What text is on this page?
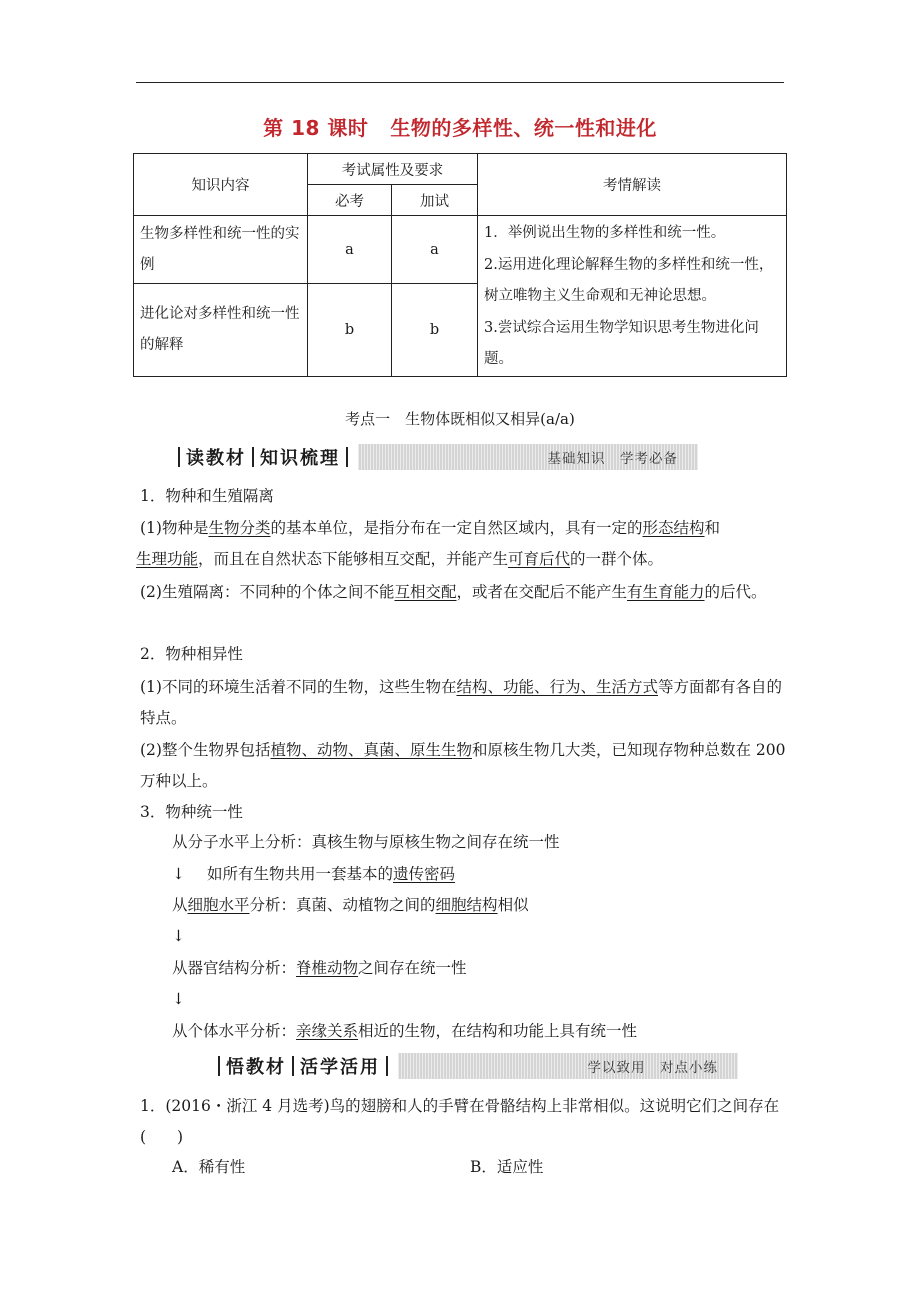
第 18 课时 生物的多样性、统一性和进化
知识内容	考试属性及要求		考情解读
	必考	加试	
生物多样性和统一性的实例	a	a	1．举例说出生物的多样性和统一性。
2.运用进化理论解释生物的多样性和统一性，树立唯物主义生命观和无神论思想。
3.尝试综合运用生物学知识思考生物进化问题。

进化论对多样性和统一性的解释	b	b	
考点一　生物体既相似又相异(a/a)
读教材 知识梳理	基础知识　学考必备
1．物种和生殖隔离
(1)物种是生物分类的基本单位，是指分布在一定自然区域内，具有一定的形态结构和
生理功能，而且在自然状态下能够相互交配，并能产生可育后代的一群个体。
(2)生殖隔离：不同种的个体之间不能互相交配，或者在交配后不能产生有生育能力的后代。
2．物种相异性
(1)不同的环境生活着不同的生物，这些生物在结构、功能、行为、生活方式等方面都有各自的特点。
(2)整个生物界包括植物、动物、真菌、原生生物和原核生物几大类，已知现存物种总数在 200 万种以上。
3．物种统一性
从分子水平上分析：真核生物与原核生物之间存在统一性
↓ 如所有生物共用一套基本的遗传密码
从细胞水平分析：真菌、动植物之间的细胞结构相似
↓
从器官结构分析：脊椎动物之间存在统一性
↓
从个体水平分析：亲缘关系相近的生物，在结构和功能上具有统一性
悟教材 活学活用	学以致用　对点小练
1．(2016・浙江 4 月选考)鸟的翅膀和人的手臂在骨骼结构上非常相似。这说明它们之间存在(　　)
A．稀有性	B．适应性
